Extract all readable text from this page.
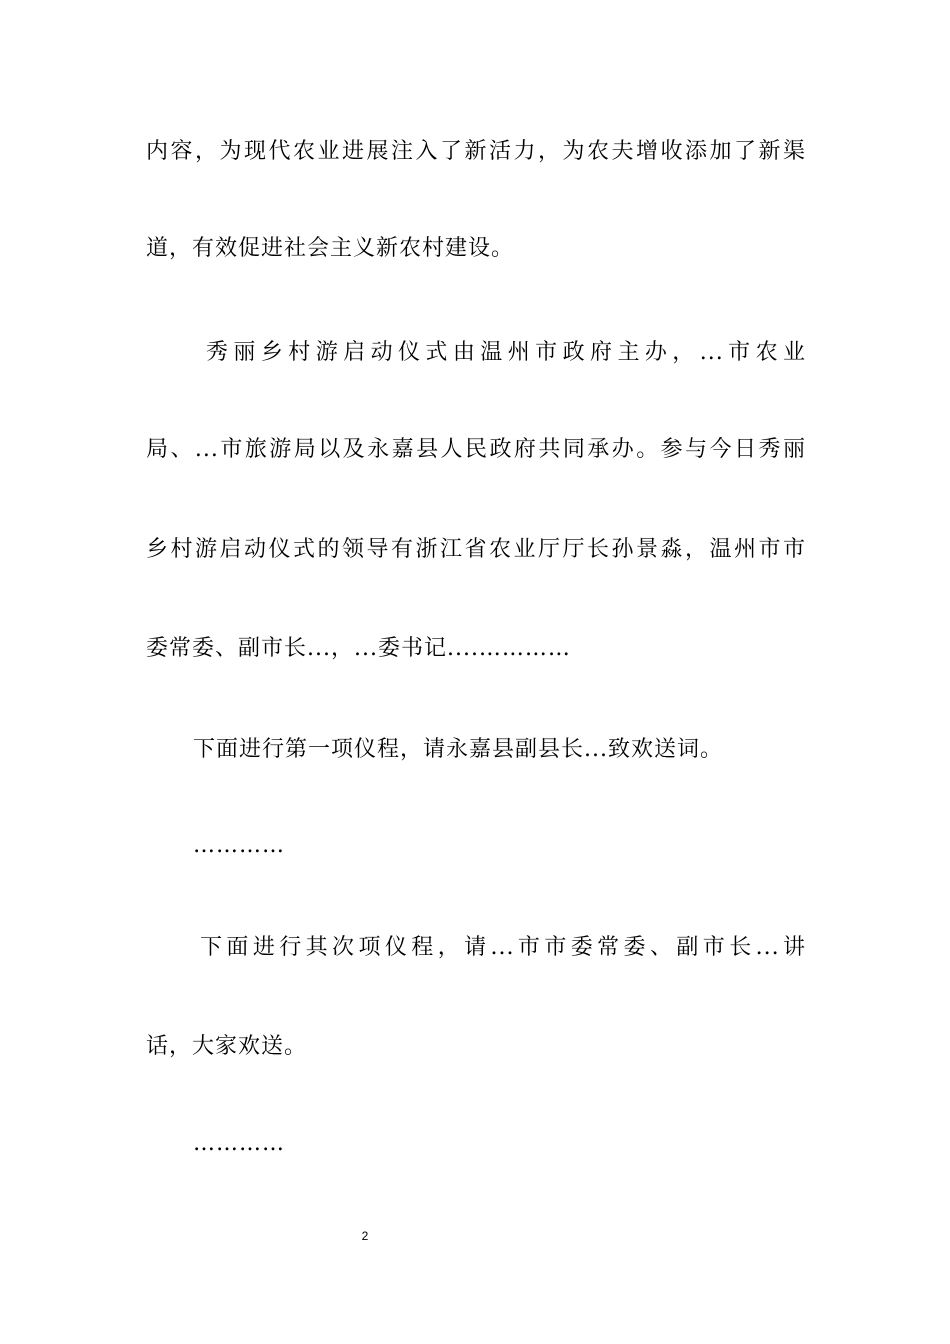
内容，为现代农业进展注入了新活力，为农夫增收添加了新渠
道，有效促进社会主义新农村建设。
秀丽乡村游启动仪式由温州市政府主办，...市农业
局、...市旅游局以及永嘉县人民政府共同承办。参与今日秀丽
乡村游启动仪式的领导有浙江省农业厅厅长孙景淼，温州市市
委常委、副市长...，...委书记....…………
下面进行第一项仪程，请永嘉县副县长...致欢送词。
…………
下面进行其次项仪程，请...市市委常委、副市长...讲
话，大家欢送。
…………
2
